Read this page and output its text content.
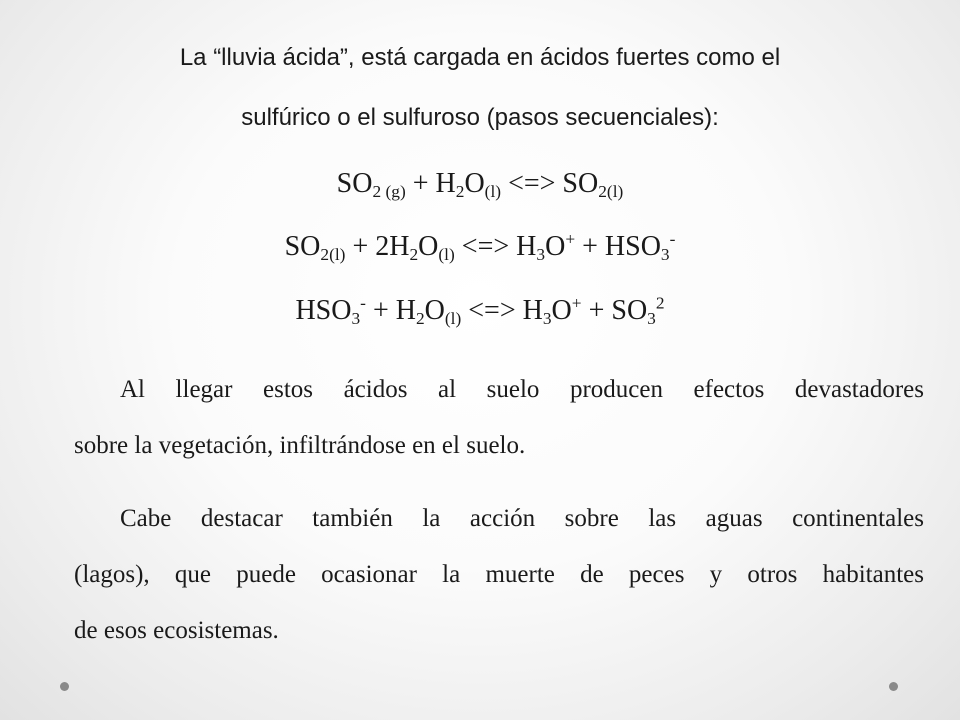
La “lluvia ácida”, está cargada en ácidos fuertes como el

sulfúrico o el sulfuroso (pasos secuenciales):

$SO_{2 (g)} + H_2O_{(l)}$ <=> $SO_{2(l)}$

$SO_{2(l)} + 2H_2O_{(l)}$ <=> $H_3O^+ + HSO_3^-$

$HSO_3^- + H_2O_{(l)}$ <=> $H_3O^+ + SO_3^2$

Al llegar estos ácidos al suelo producen efectos devastadores
sobre la vegetación, infiltrándose en el suelo.
Cabe destacar también la acción sobre las aguas continentales
(lagos), que puede ocasionar la muerte de peces y otros habitantes
de esos ecosistemas.
